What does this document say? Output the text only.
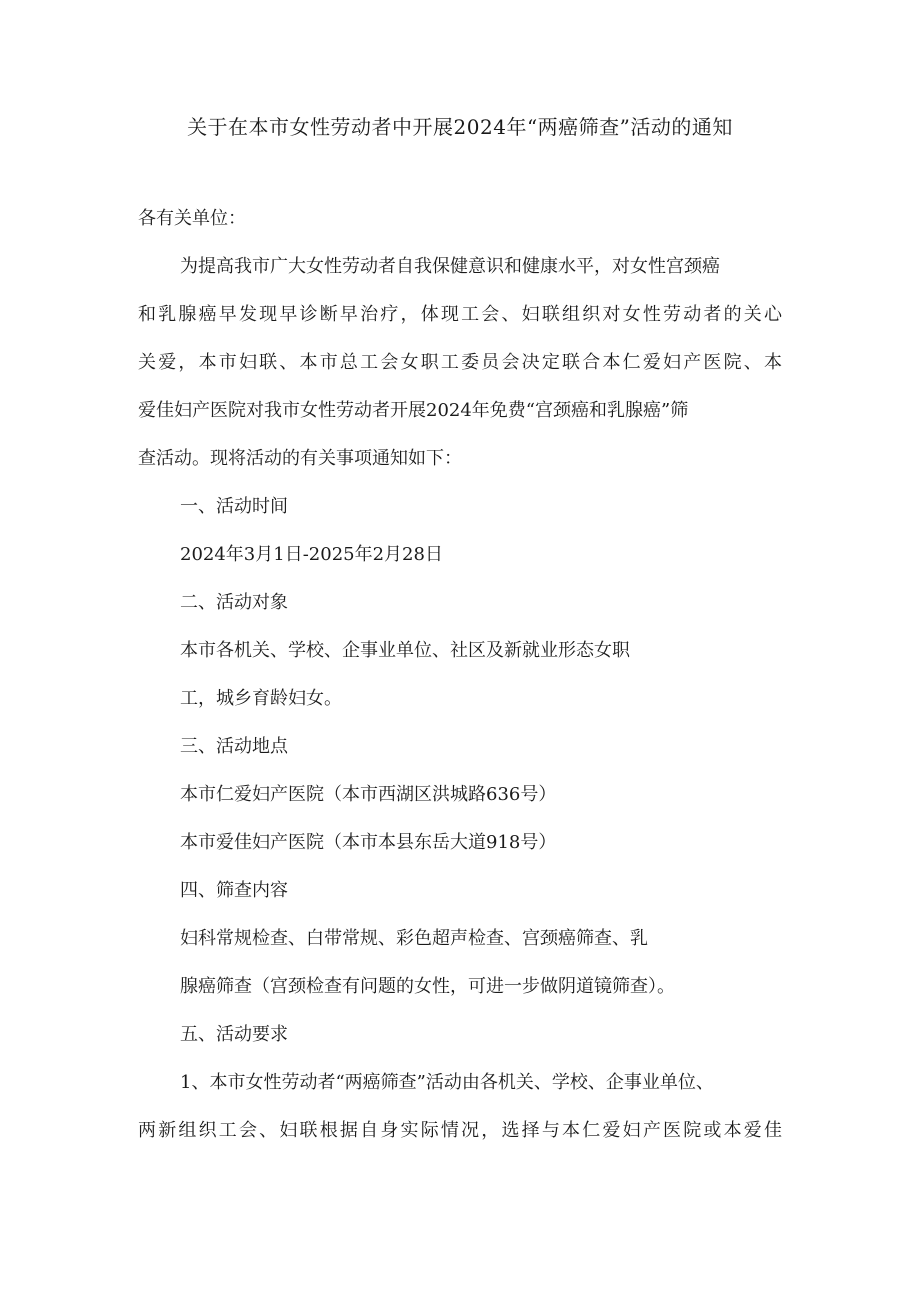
关于在本市女性劳动者中开展2024年“两癌筛查”活动的通知
各有关单位：
为提高我市广大女性劳动者自我保健意识和健康水平，对女性宫颈癌
和乳腺癌早发现早诊断早治疗，体现工会、妇联组织对女性劳动者的关心
关爱，本市妇联、本市总工会女职工委员会决定联合本仁爱妇产医院、本
爱佳妇产医院对我市女性劳动者开展2024年免费“宫颈癌和乳腺癌”筛
查活动。现将活动的有关事项通知如下：
一、活动时间
2024年3月1日-2025年2月28日
二、活动对象
本市各机关、学校、企事业单位、社区及新就业形态女职
工，城乡育龄妇女。
三、活动地点
本市仁爱妇产医院（本市西湖区洪城路636号）
本市爱佳妇产医院（本市本县东岳大道918号）
四、筛查内容
妇科常规检查、白带常规、彩色超声检查、宫颈癌筛查、乳
腺癌筛查（宫颈检查有问题的女性，可进一步做阴道镜筛查）。
五、活动要求
1、本市女性劳动者“两癌筛查”活动由各机关、学校、企事业单位、
两新组织工会、妇联根据自身实际情况，选择与本仁爱妇产医院或本爱佳
